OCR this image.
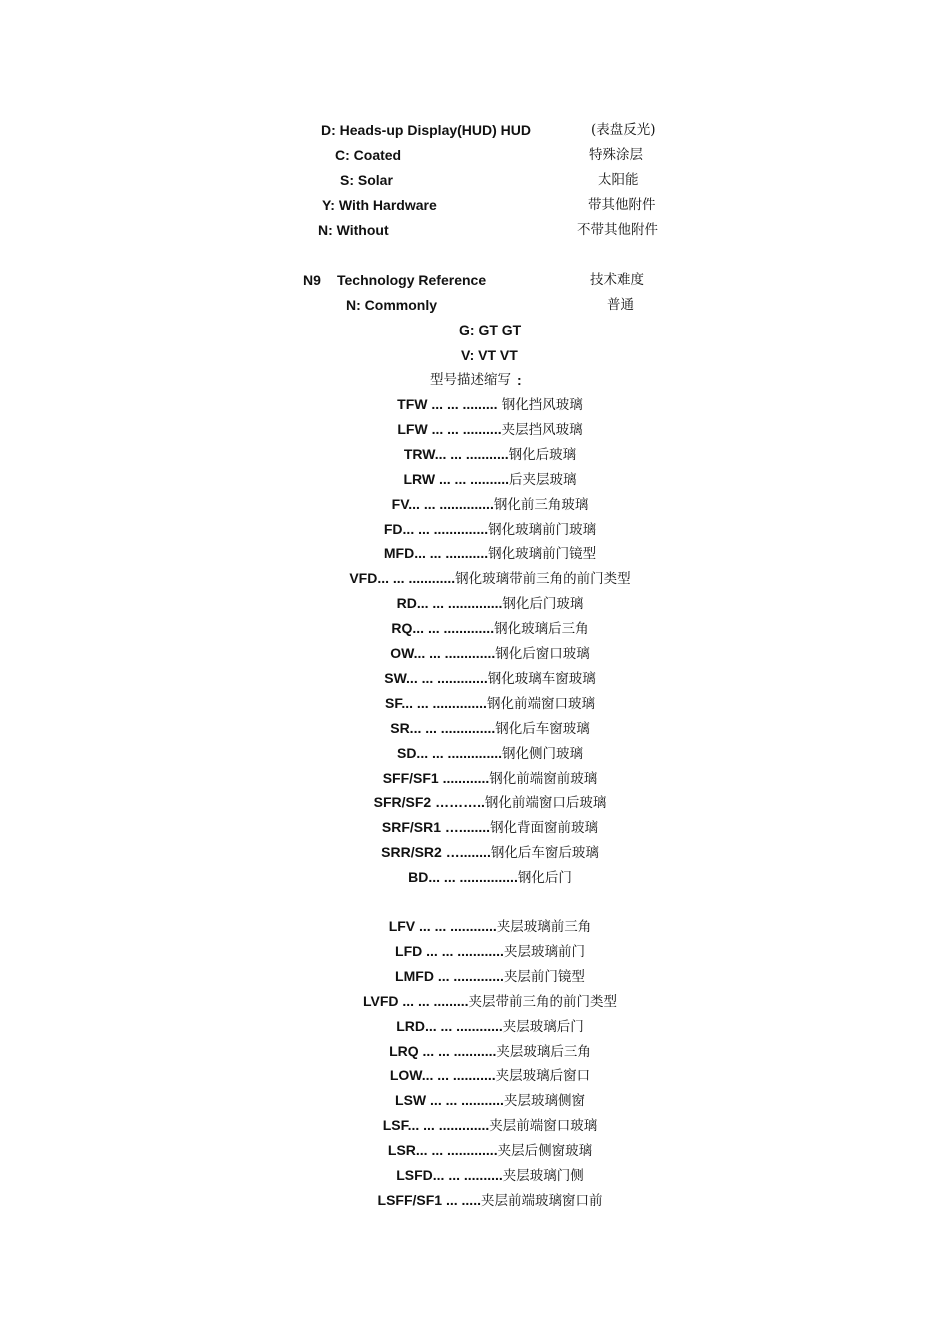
D: Heads-up Display(HUD) HUD	(表盘反光)
C: Coated	特殊涂层
S: Solar	太阳能
Y: With Hardware	带其他附件
N: Without	不带其他附件
N9 Technology Reference	技术难度
N: Commonly	普通
G: GT GT
V: VT VT
型号描述缩写 :
TFW ... ... ......... 钢化挡风玻璃
LFW ... ... ..........夹层挡风玻璃
TRW... ... ...........钢化后玻璃
LRW ... ... ..........后夹层玻璃
FV... ... ..............钢化前三角玻璃
FD... ... ..............钢化玻璃前门玻璃
MFD... ... ...........钢化玻璃前门镜型
VFD... ... ............钢化玻璃带前三角的前门类型
RD... ... ..............钢化后门玻璃
RQ... ... .............钢化玻璃后三角
OW... ... .............钢化后窗口玻璃
SW... ... .............钢化玻璃车窗玻璃
SF... ... ..............钢化前端窗口玻璃
SR... ... ..............钢化后车窗玻璃
SD... ... ..............钢化侧门玻璃
SFF/SF1 ............钢化前端窗前玻璃
SFR/SF2 ………..钢化前端窗口后玻璃
SRF/SR1 …........钢化背面窗前玻璃
SRR/SR2 …........钢化后车窗后玻璃
BD... ... ...............钢化后门
LFV ... ... ............夹层玻璃前三角
LFD ... ... ............夹层玻璃前门
LMFD ... .............夹层前门镜型
LVFD ... ... .........夹层带前三角的前门类型
LRD... ... ............夹层玻璃后门
LRQ ... ... ...........夹层玻璃后三角
LOW... ... ...........夹层玻璃后窗口
LSW ... ... ...........夹层玻璃侧窗
LSF... ... .............夹层前端窗口玻璃
LSR... ... .............夹层后侧窗玻璃
LSFD... ... ..........夹层玻璃门侧
LSFF/SF1 ... .....夹层前端玻璃窗口前
